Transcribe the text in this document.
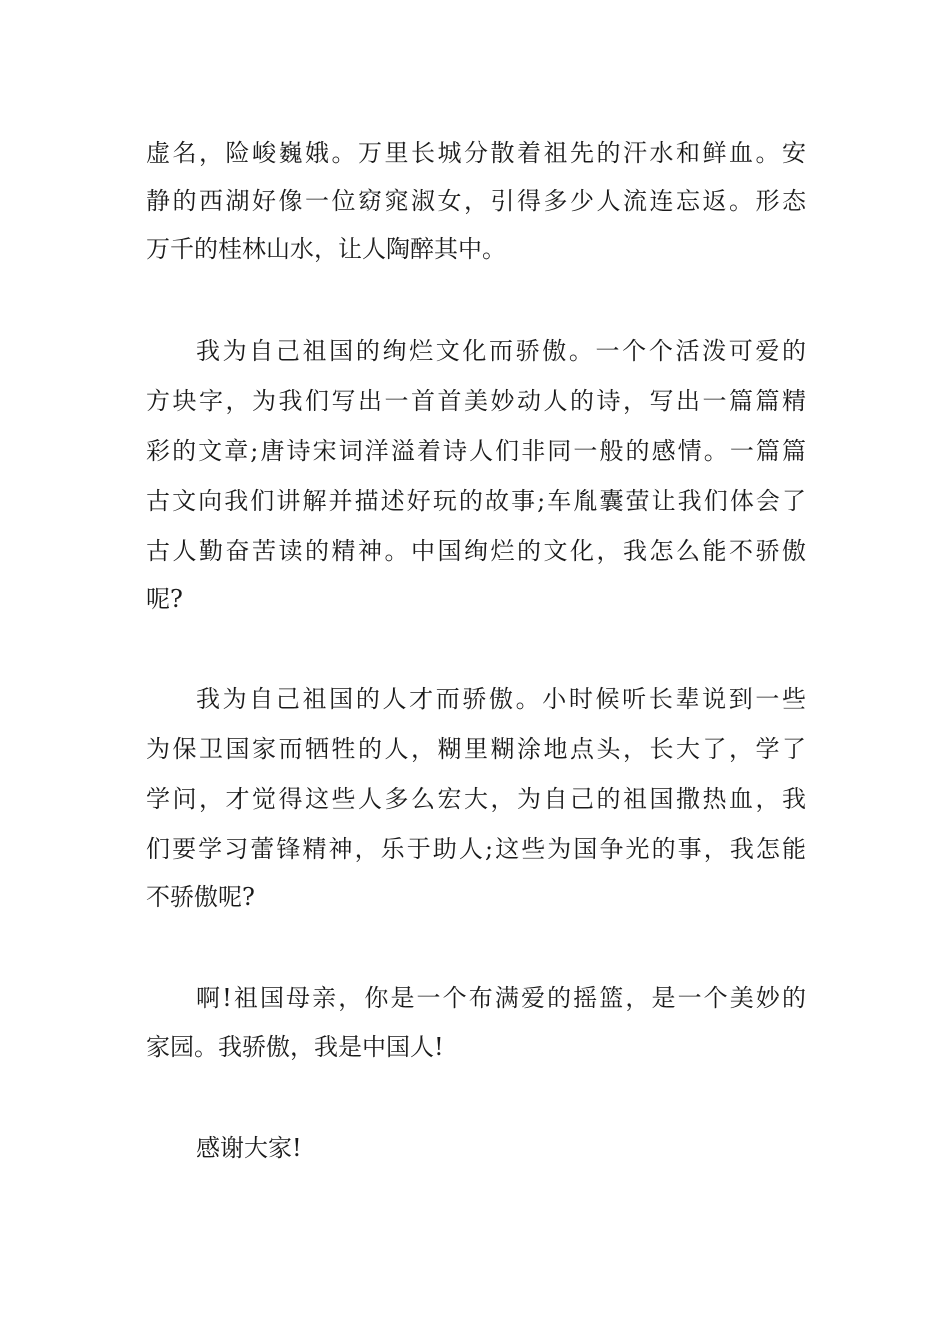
虚名，险峻巍娥。万里长城分散着祖先的汗水和鲜血。安
静的西湖好像一位窈窕淑女，引得多少人流连忘返。形态
万千的桂林山水，让人陶醉其中。
我为自己祖国的绚烂文化而骄傲。一个个活泼可爱的
方块字，为我们写出一首首美妙动人的诗，写出一篇篇精
彩的文章;唐诗宋词洋溢着诗人们非同一般的感情。一篇篇
古文向我们讲解并描述好玩的故事;车胤囊萤让我们体会了
古人勤奋苦读的精神。中国绚烂的文化，我怎么能不骄傲
呢?
我为自己祖国的人才而骄傲。小时候听长辈说到一些
为保卫国家而牺牲的人，糊里糊涂地点头，长大了，学了
学问，才觉得这些人多么宏大，为自己的祖国撒热血，我
们要学习蕾锋精神，乐于助人;这些为国争光的事，我怎能
不骄傲呢?
啊!祖国母亲，你是一个布满爱的摇篮，是一个美妙的
家园。我骄傲，我是中国人!
感谢大家!
